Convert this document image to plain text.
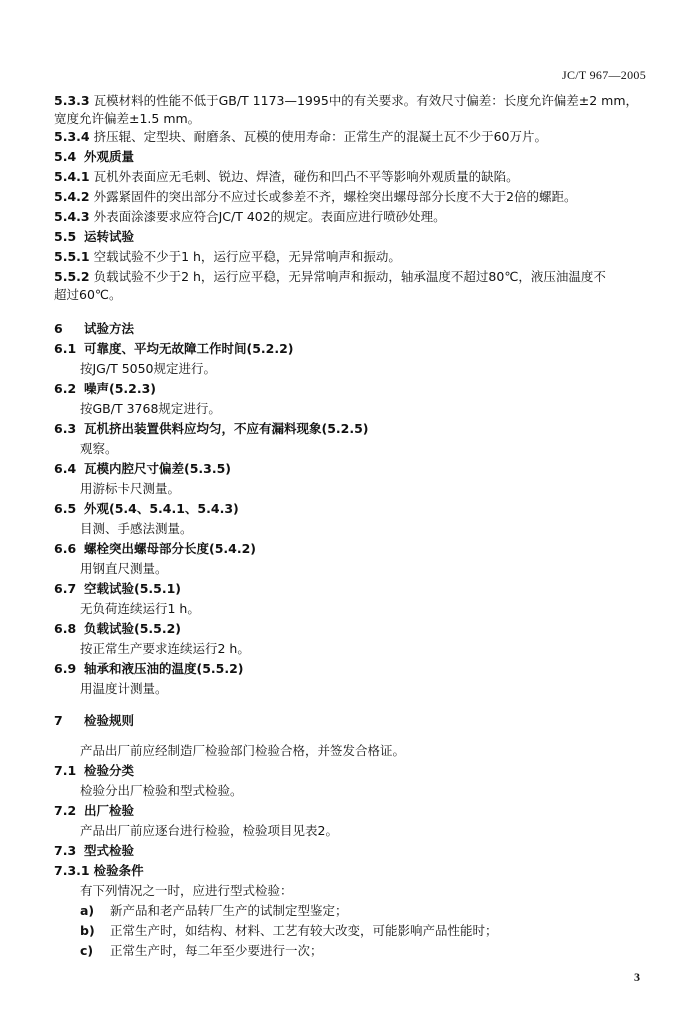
JC/T 967—2005
5.3.3 瓦模材料的性能不低于GB/T 1173—1995中的有关要求。有效尺寸偏差：长度允许偏差±2 mm，
宽度允许偏差±1.5 mm。
5.3.4 挤压辊、定型块、耐磨条、瓦模的使用寿命：正常生产的混凝土瓦不少于60万片。
5.4 外观质量
5.4.1 瓦机外表面应无毛刺、锐边、焊渣，碰伤和凹凸不平等影响外观质量的缺陷。
5.4.2 外露紧固件的突出部分不应过长或参差不齐，螺栓突出螺母部分长度不大于2倍的螺距。
5.4.3 外表面涂漆要求应符合JC/T 402的规定。表面应进行喷砂处理。
5.5 运转试验
5.5.1 空载试验不少于1 h，运行应平稳，无异常响声和振动。
5.5.2 负载试验不少于2 h，运行应平稳，无异常响声和振动，轴承温度不超过80℃，液压油温度不
超过60℃。
6 试验方法
6.1 可靠度、平均无故障工作时间(5.2.2)
按JG/T 5050规定进行。
6.2 噪声(5.2.3)
按GB/T 3768规定进行。
6.3 瓦机挤出装置供料应均匀，不应有漏料现象(5.2.5)
观察。
6.4 瓦模内腔尺寸偏差(5.3.5)
用游标卡尺测量。
6.5 外观(5.4、5.4.1、5.4.3)
目测、手感法测量。
6.6 螺栓突出螺母部分长度(5.4.2)
用钢直尺测量。
6.7 空载试验(5.5.1)
无负荷连续运行1 h。
6.8 负载试验(5.5.2)
按正常生产要求连续运行2 h。
6.9 轴承和液压油的温度(5.5.2)
用温度计测量。
7 检验规则
产品出厂前应经制造厂检验部门检验合格，并签发合格证。
7.1 检验分类
检验分出厂检验和型式检验。
7.2 出厂检验
产品出厂前应逐台进行检验，检验项目见表2。
7.3 型式检验
7.3.1 检验条件
有下列情况之一时，应进行型式检验：
a) 新产品和老产品转厂生产的试制定型鉴定；
b) 正常生产时，如结构、材料、工艺有较大改变，可能影响产品性能时；
c) 正常生产时，每二年至少要进行一次；
3
